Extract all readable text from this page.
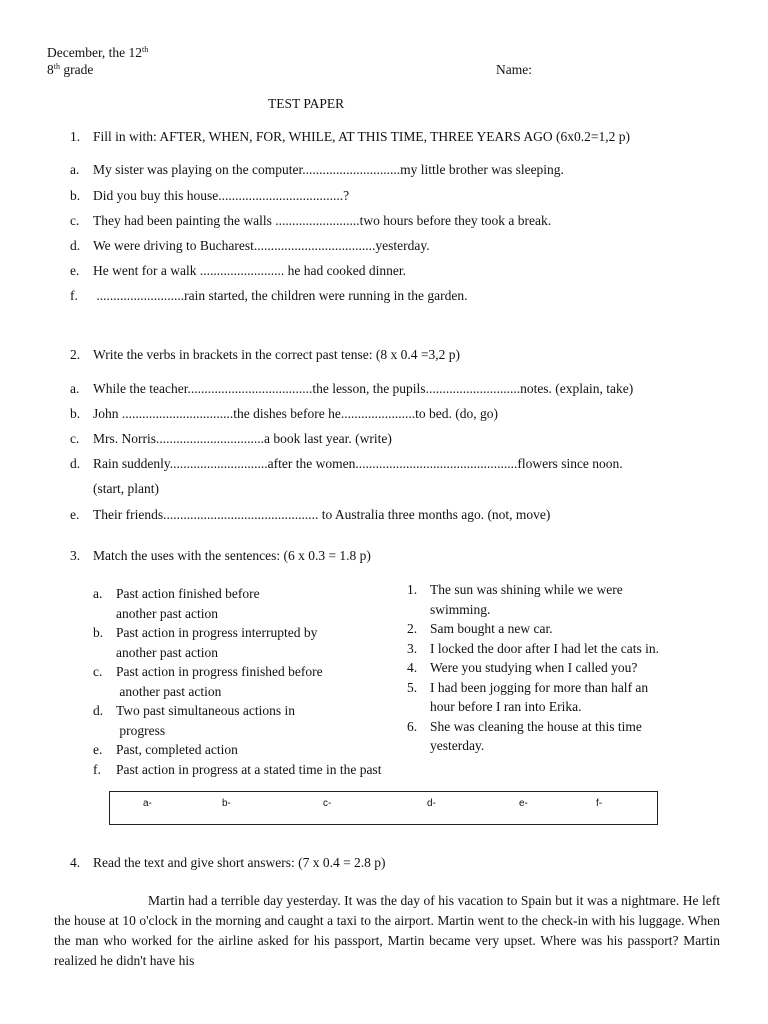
December, the 12th
8th grade	Name:
TEST PAPER
1. Fill in with: AFTER, WHEN, FOR, WHILE, AT THIS TIME, THREE YEARS AGO (6x0.2=1,2 p)
a. My sister was playing on the computer.............................my little brother was sleeping.
b. Did you buy this house.....................................?
c. They had been painting the walls .........................two hours before they took a break.
d. We were driving to Bucharest....................................yesterday.
e. He went for a walk ......................... he had cooked dinner.
f. ..........................rain started, the children were running in the garden.
2. Write the verbs in brackets in the correct past tense: (8 x 0.4 =3,2 p)
a. While the teacher.....................................the lesson, the pupils............................notes. (explain, take)
b. John .................................the dishes before he......................to bed. (do, go)
c. Mrs. Norris................................a book last year. (write)
d. Rain suddenly.............................after the women................................................flowers since noon.
(start, plant)
e. Their friends.............................................. to Australia three months ago. (not, move)
3. Match the uses with the sentences: (6 x 0.3 = 1.8 p)
a. Past action finished before
another past action
b. Past action in progress interrupted by
another past action
c. Past action in progress finished before
another past action
d. Two past simultaneous actions in
progress
e. Past, completed action
f. Past action in progress at a stated time in the past
1. The sun was shining while we were
swimming.
2. Sam bought a new car.
3. I locked the door after I had let the cats in.
4. Were you studying when I called you?
5. I had been jogging for more than half an
hour before I ran into Erika.
6. She was cleaning the house at this time
yesterday.
a-	b-	c-	d-	e-	f-
4. Read the text and give short answers: (7 x 0.4 = 2.8 p)
Martin had a terrible day yesterday. It was the day of his vacation to Spain but it was a nightmare. He left the house at 10 o'clock in the morning and caught a taxi to the airport. Martin went to the check-in with his luggage. When the man who worked for the airline asked for his passport, Martin became very upset. Where was his passport? Martin realized he didn't have his
